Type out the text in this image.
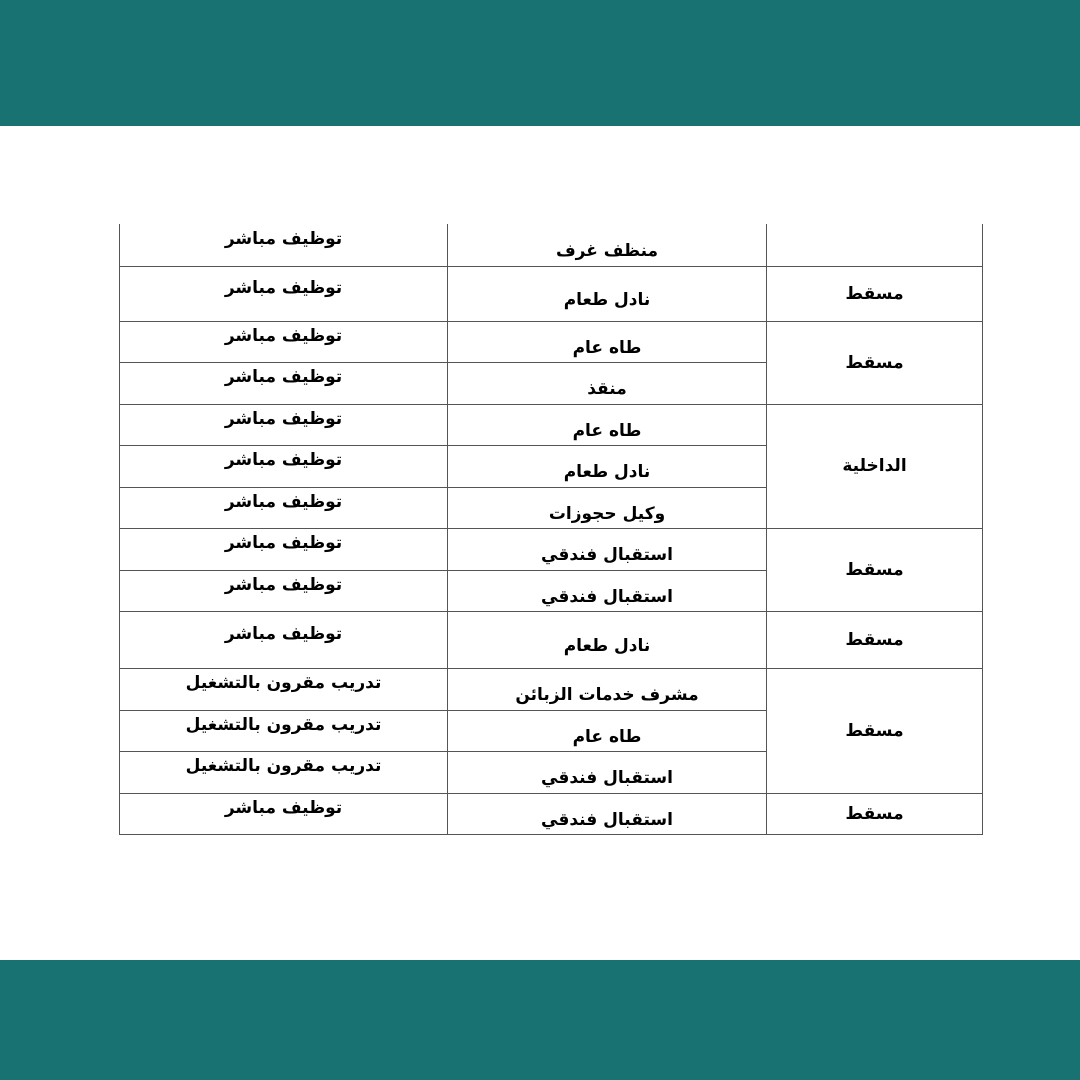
	منظف غرف	توظيف مباشر
مسقط	نادل طعام	توظيف مباشر
مسقط	طاه عام	توظيف مباشر
	منقذ	توظيف مباشر
الداخلية	طاه عام	توظيف مباشر
	نادل طعام	توظيف مباشر
	وكيل حجوزات	توظيف مباشر
مسقط	استقبال فندقي	توظيف مباشر
	استقبال فندقي	توظيف مباشر
مسقط	نادل طعام	توظيف مباشر
مسقط	مشرف خدمات الزبائن	تدريب مقرون بالتشغيل
	طاه عام	تدريب مقرون بالتشغيل
	استقبال فندقي	تدريب مقرون بالتشغيل
مسقط	استقبال فندقي	توظيف مباشر
